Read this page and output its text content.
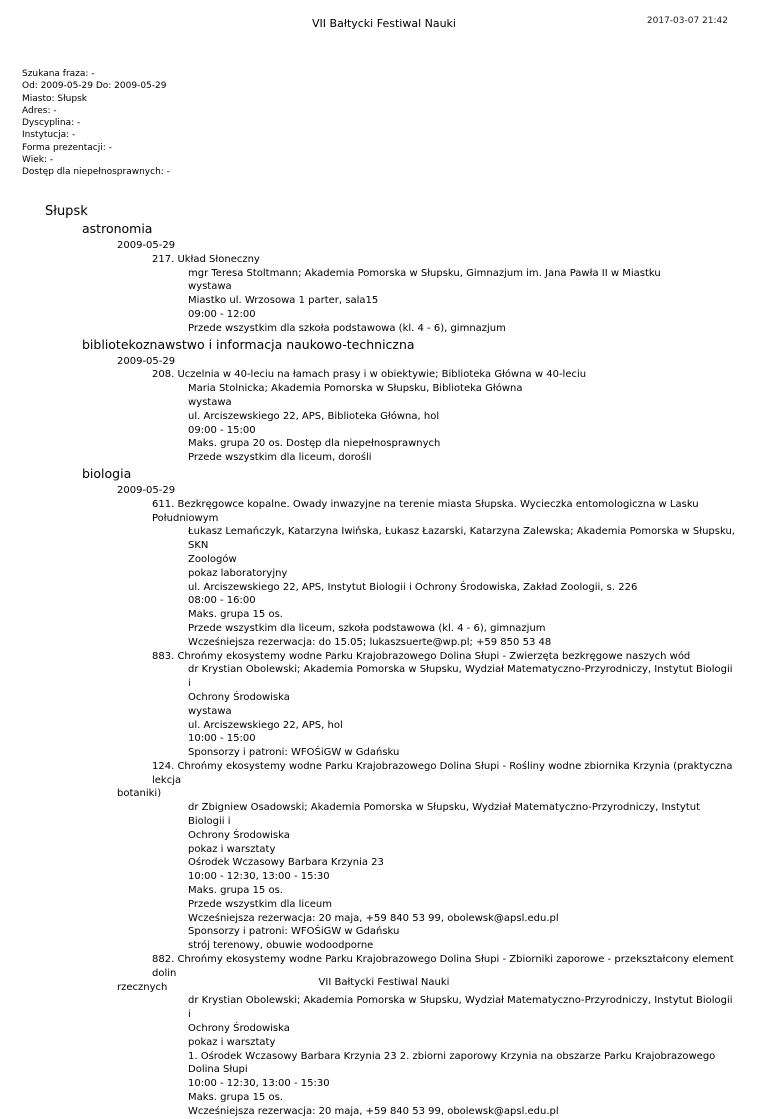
VII Bałtycki Festiwal Nauki	2017-03-07 21:42
Szukana fraza: -
Od: 2009-05-29 Do: 2009-05-29
Miasto: Słupsk
Adres: -
Dyscyplina: -
Instytucja: -
Forma prezentacji: -
Wiek: -
Dostęp dla niepełnosprawnych: -
Słupsk
astronomia
2009-05-29
217. Układ Słoneczny
mgr Teresa Stoltmann; Akademia Pomorska w Słupsku, Gimnazjum im. Jana Pawła II w Miastku
wystawa
Miastko ul. Wrzosowa 1 parter, sala15
09:00 - 12:00
Przede wszystkim dla szkoła podstawowa (kl. 4 - 6), gimnazjum
bibliotekoznawstwo i informacja naukowo-techniczna
2009-05-29
208. Uczelnia w 40-leciu na łamach prasy i w obiektywie; Biblioteka Główna w 40-leciu
Maria Stolnicka; Akademia Pomorska w Słupsku, Biblioteka Główna
wystawa
ul. Arciszewskiego 22, APS, Biblioteka Główna, hol
09:00 - 15:00
Maks. grupa 20 os. Dostęp dla niepełnosprawnych
Przede wszystkim dla liceum, dorośli
biologia
2009-05-29
611. Bezkręgowce kopalne. Owady inwazyjne na terenie miasta Słupska. Wycieczka entomologiczna w Lasku Południowym
Łukasz Lemańczyk, Katarzyna Iwińska, Łukasz Łazarski, Katarzyna Zalewska; Akademia Pomorska w Słupsku, SKN
Zoologów
pokaz laboratoryjny
ul. Arciszewskiego 22, APS, Instytut Biologii i Ochrony Środowiska, Zakład Zoologii, s. 226
08:00 - 16:00
Maks. grupa 15 os.
Przede wszystkim dla liceum, szkoła podstawowa (kl. 4 - 6), gimnazjum
Wcześniejsza rezerwacja: do 15.05; lukaszsuerte@wp.pl; +59 850 53 48
883. Chrońmy ekosystemy wodne Parku Krajobrazowego Dolina Słupi - Zwierzęta bezkręgowe naszych wód
dr Krystian Obolewski; Akademia Pomorska w Słupsku, Wydział Matematyczno-Przyrodniczy, Instytut Biologii i
Ochrony Środowiska
wystawa
ul. Arciszewskiego 22, APS, hol
10:00 - 15:00
Sponsorzy i patroni: WFOŚiGW w Gdańsku
124. Chrońmy ekosystemy wodne Parku Krajobrazowego Dolina Słupi - Rośliny wodne zbiornika Krzynia (praktyczna lekcja
botaniki)
dr Zbigniew Osadowski; Akademia Pomorska w Słupsku, Wydział Matematyczno-Przyrodniczy, Instytut Biologii i
Ochrony Środowiska
pokaz i warsztaty
Ośrodek Wczasowy Barbara Krzynia 23
10:00 - 12:30, 13:00 - 15:30
Maks. grupa 15 os.
Przede wszystkim dla liceum
Wcześniejsza rezerwacja: 20 maja, +59 840 53 99, obolewsk@apsl.edu.pl
Sponsorzy i patroni: WFOŚiGW w Gdańsku
strój terenowy, obuwie wodoodporne
882. Chrońmy ekosystemy wodne Parku Krajobrazowego Dolina Słupi - Zbiorniki zaporowe - przekształcony element dolin
rzecznych
dr Krystian Obolewski; Akademia Pomorska w Słupsku, Wydział Matematyczno-Przyrodniczy, Instytut Biologii i
Ochrony Środowiska
pokaz i warsztaty
1. Ośrodek Wczasowy Barbara Krzynia 23 2. zbiorni zaporowy Krzynia na obszarze Parku Krajobrazowego Dolina Słupi
10:00 - 12:30, 13:00 - 15:30
Maks. grupa 15 os.
Wcześniejsza rezerwacja: 20 maja, +59 840 53 99, obolewsk@apsl.edu.pl
VII Bałtycki Festiwal Nauki
